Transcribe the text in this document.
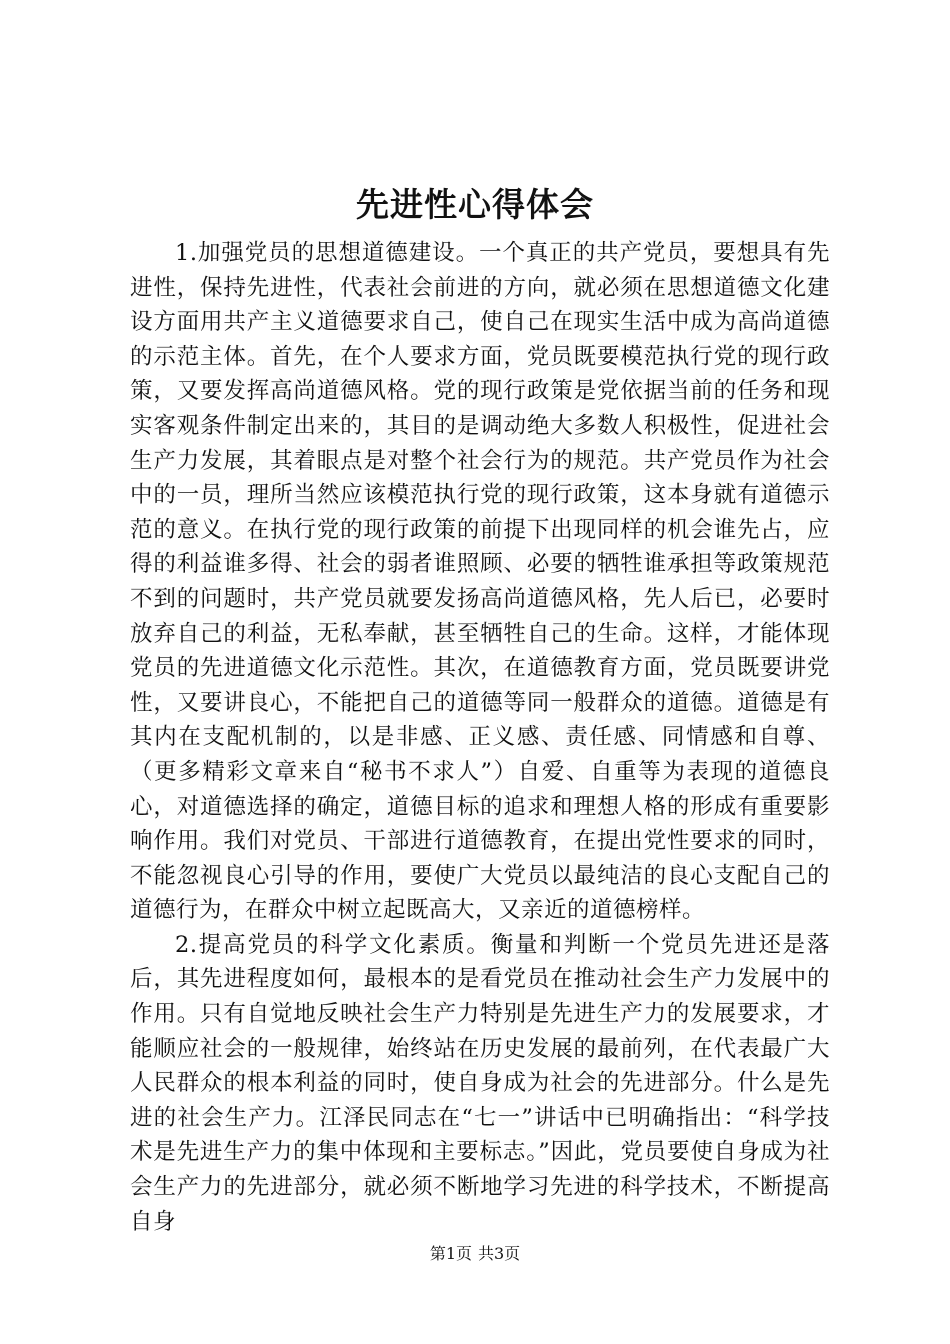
先进性心得体会

1.加强党员的思想道德建设。一个真正的共产党员，要想具有先进性，保持先进性，代表社会前进的方向，就必须在思想道德文化建设方面用共产主义道德要求自己，使自己在现实生活中成为高尚道德的示范主体。首先，在个人要求方面，党员既要模范执行党的现行政策，又要发挥高尚道德风格。党的现行政策是党依据当前的任务和现实客观条件制定出来的，其目的是调动绝大多数人积极性，促进社会生产力发展，其着眼点是对整个社会行为的规范。共产党员作为社会中的一员，理所当然应该模范执行党的现行政策，这本身就有道德示范的意义。在执行党的现行政策的前提下出现同样的机会谁先占，应得的利益谁多得、社会的弱者谁照顾、必要的牺牲谁承担等政策规范不到的问题时，共产党员就要发扬高尚道德风格，先人后已，必要时放弃自己的利益，无私奉献，甚至牺牲自己的生命。这样，才能体现党员的先进道德文化示范性。其次，在道德教育方面，党员既要讲党性，又要讲良心，不能把自己的道德等同一般群众的道德。道德是有其内在支配机制的，以是非感、正义感、责任感、同情感和自尊、（更多精彩文章来自“秘书不求人”）自爱、自重等为表现的道德良心，对道德选择的确定，道德目标的追求和理想人格的形成有重要影响作用。我们对党员、干部进行道德教育，在提出党性要求的同时，不能忽视良心引导的作用，要使广大党员以最纯洁的良心支配自己的道德行为，在群众中树立起既高大，又亲近的道德榜样。

2.提高党员的科学文化素质。衡量和判断一个党员先进还是落后，其先进程度如何，最根本的是看党员在推动社会生产力发展中的作用。只有自觉地反映社会生产力特别是先进生产力的发展要求，才能顺应社会的一般规律，始终站在历史发展的最前列，在代表最广大人民群众的根本利益的同时，使自身成为社会的先进部分。什么是先进的社会生产力。江泽民同志在“七一”讲话中已明确指出：“科学技术是先进生产力的集中体现和主要标志。”因此，党员要使自身成为社会生产力的先进部分，就必须不断地学习先进的科学技术，不断提高自身

第1页 共3页
